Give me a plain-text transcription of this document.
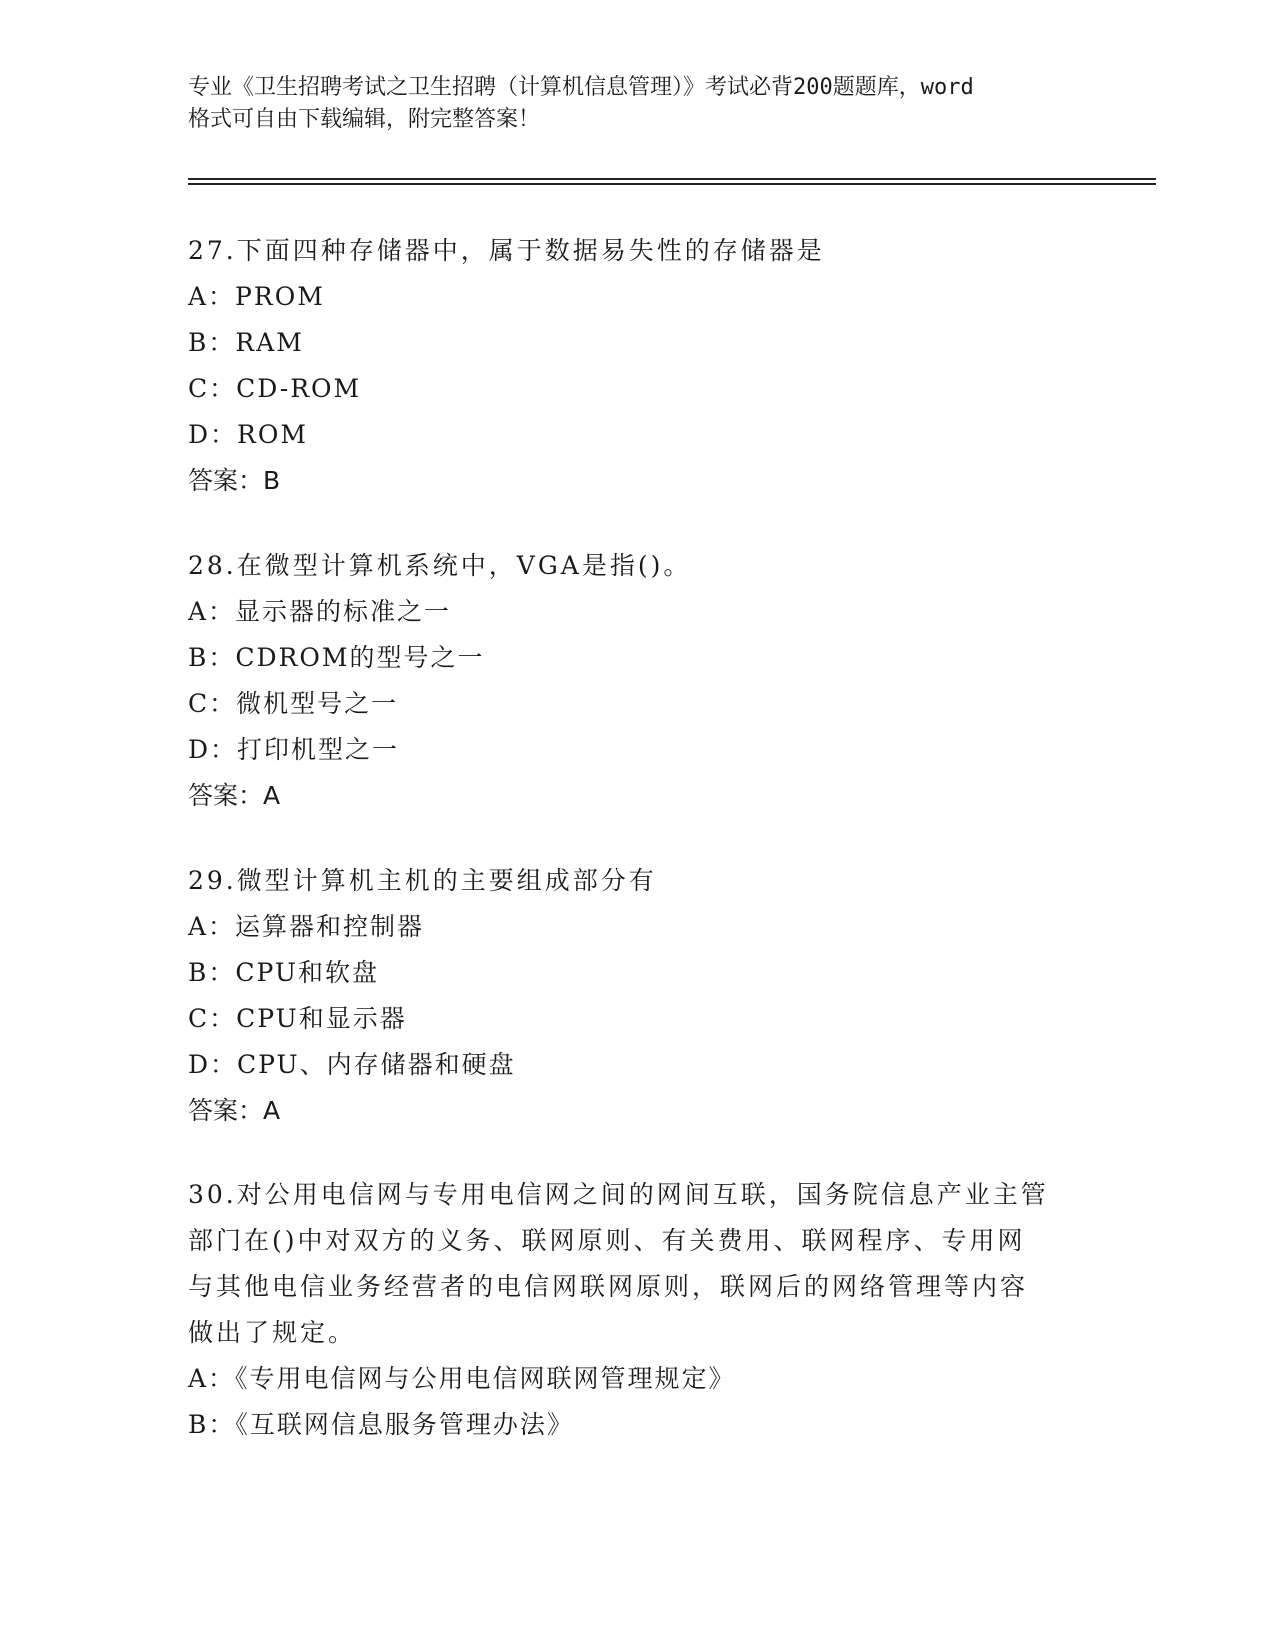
专业《卫生招聘考试之卫生招聘（计算机信息管理）》考试必背200题题库，word
格式可自由下载编辑，附完整答案！
27.下面四种存储器中，属于数据易失性的存储器是
A：PROM
B：RAM
C：CD-ROM
D：ROM
答案：B
28.在微型计算机系统中，VGA是指()。
A：显示器的标准之一
B：CDROM的型号之一
C：微机型号之一
D：打印机型之一
答案：A
29.微型计算机主机的主要组成部分有
A：运算器和控制器
B：CPU和软盘
C：CPU和显示器
D：CPU、内存储器和硬盘
答案：A
30.对公用电信网与专用电信网之间的网间互联，国务院信息产业主管
部门在()中对双方的义务、联网原则、有关费用、联网程序、专用网
与其他电信业务经营者的电信网联网原则，联网后的网络管理等内容
做出了规定。
A：《专用电信网与公用电信网联网管理规定》
B：《互联网信息服务管理办法》
